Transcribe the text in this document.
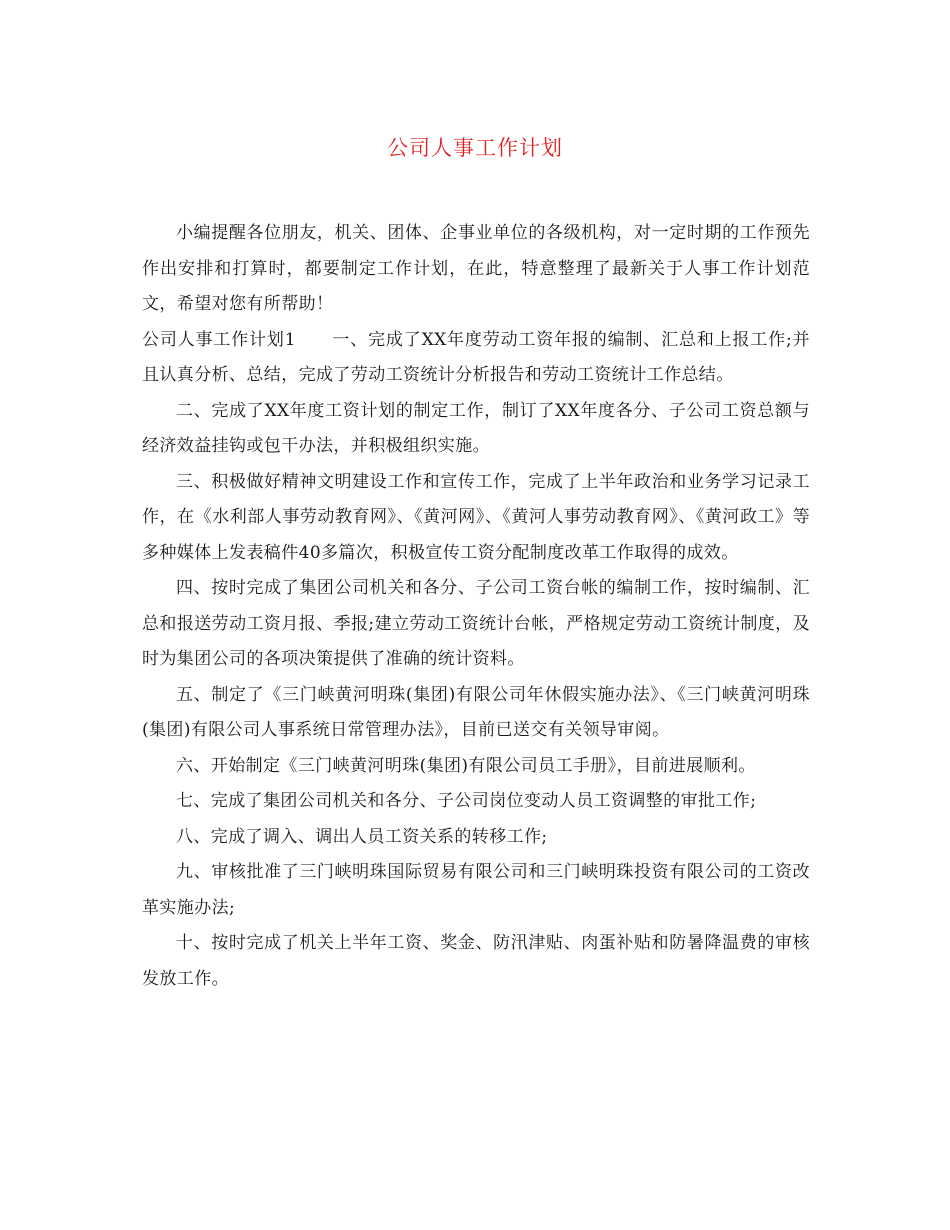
公司人事工作计划

小编提醒各位朋友，机关、团体、企事业单位的各级机构，对一定时期的工作预先作出安排和打算时，都要制定工作计划，在此，特意整理了最新关于人事工作计划范文，希望对您有所帮助！

公司人事工作计划1 一、完成了XX年度劳动工资年报的编制、汇总和上报工作;并且认真分析、总结，完成了劳动工资统计分析报告和劳动工资统计工作总结。

二、完成了XX年度工资计划的制定工作，制订了XX年度各分、子公司工资总额与经济效益挂钩或包干办法，并积极组织实施。

三、积极做好精神文明建设工作和宣传工作，完成了上半年政治和业务学习记录工作，在《水利部人事劳动教育网》、《黄河网》、《黄河人事劳动教育网》、《黄河政工》等多种媒体上发表稿件40多篇次，积极宣传工资分配制度改革工作取得的成效。

四、按时完成了集团公司机关和各分、子公司工资台帐的编制工作，按时编制、汇总和报送劳动工资月报、季报;建立劳动工资统计台帐，严格规定劳动工资统计制度，及时为集团公司的各项决策提供了准确的统计资料。

五、制定了《三门峡黄河明珠(集团)有限公司年休假实施办法》、《三门峡黄河明珠(集团)有限公司人事系统日常管理办法》，目前已送交有关领导审阅。

六、开始制定《三门峡黄河明珠(集团)有限公司员工手册》，目前进展顺利。

七、完成了集团公司机关和各分、子公司岗位变动人员工资调整的审批工作;

八、完成了调入、调出人员工资关系的转移工作;

九、审核批准了三门峡明珠国际贸易有限公司和三门峡明珠投资有限公司的工资改革实施办法;

十、按时完成了机关上半年工资、奖金、防汛津贴、肉蛋补贴和防暑降温费的审核发放工作。
